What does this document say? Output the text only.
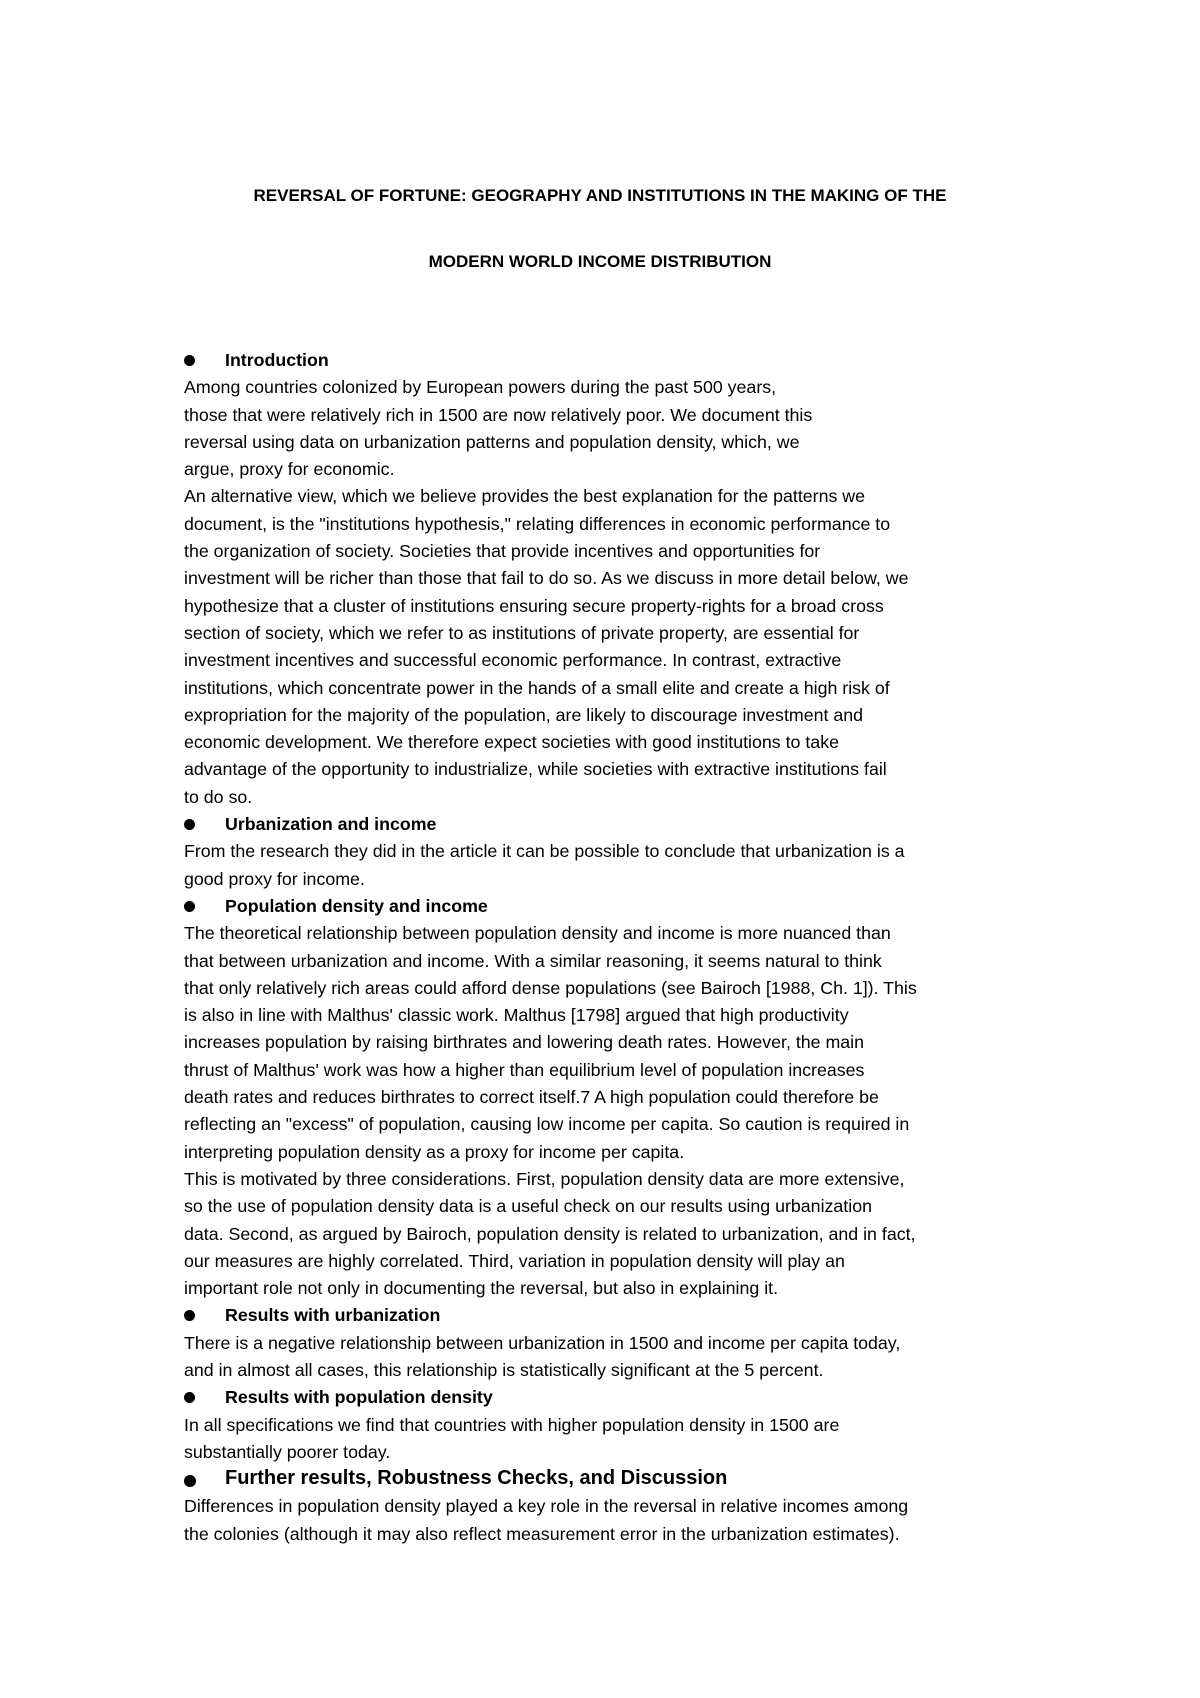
REVERSAL OF FORTUNE: GEOGRAPHY AND INSTITUTIONS IN THE MAKING OF THE
MODERN WORLD INCOME DISTRIBUTION
Introduction
Among countries colonized by European powers during the past 500 years,
those that were relatively rich in 1500 are now relatively poor. We document this
reversal using data on urbanization patterns and population density, which, we
argue, proxy for economic.
An alternative view, which we believe provides the best explanation for the patterns we
document, is the "institutions hypothesis," relating differences in economic performance to
the organization of society. Societies that provide incentives and opportunities for
investment will be richer than those that fail to do so. As we discuss in more detail below, we
hypothesize that a cluster of institutions ensuring secure property-rights for a broad cross
section of society, which we refer to as institutions of private property, are essential for
investment incentives and successful economic performance. In contrast, extractive
institutions, which concentrate power in the hands of a small elite and create a high risk of
expropriation for the majority of the population, are likely to discourage investment and
economic development. We therefore expect societies with good institutions to take
advantage of the opportunity to industrialize, while societies with extractive institutions fail
to do so.
Urbanization and income
From the research they did in the article it can be possible to conclude that urbanization is a
good proxy for income.
Population density and income
The theoretical relationship between population density and income is more nuanced than
that between urbanization and income. With a similar reasoning, it seems natural to think
that only relatively rich areas could afford dense populations (see Bairoch [1988, Ch. 1]). This
is also in line with Malthus' classic work. Malthus [1798] argued that high productivity
increases population by raising birthrates and lowering death rates. However, the main
thrust of Malthus' work was how a higher than equilibrium level of population increases
death rates and reduces birthrates to correct itself.7 A high population could therefore be
reflecting an "excess" of population, causing low income per capita. So caution is required in
interpreting population density as a proxy for income per capita.
This is motivated by three considerations. First, population density data are more extensive,
so the use of population density data is a useful check on our results using urbanization
data. Second, as argued by Bairoch, population density is related to urbanization, and in fact,
our measures are highly correlated. Third, variation in population density will play an
important role not only in documenting the reversal, but also in explaining it.
Results with urbanization
There is a negative relationship between urbanization in 1500 and income per capita today,
and in almost all cases, this relationship is statistically significant at the 5 percent.
Results with population density
In all specifications we find that countries with higher population density in 1500 are
substantially poorer today.
Further results, Robustness Checks, and Discussion
Differences in population density played a key role in the reversal in relative incomes among
the colonies (although it may also reflect measurement error in the urbanization estimates).
